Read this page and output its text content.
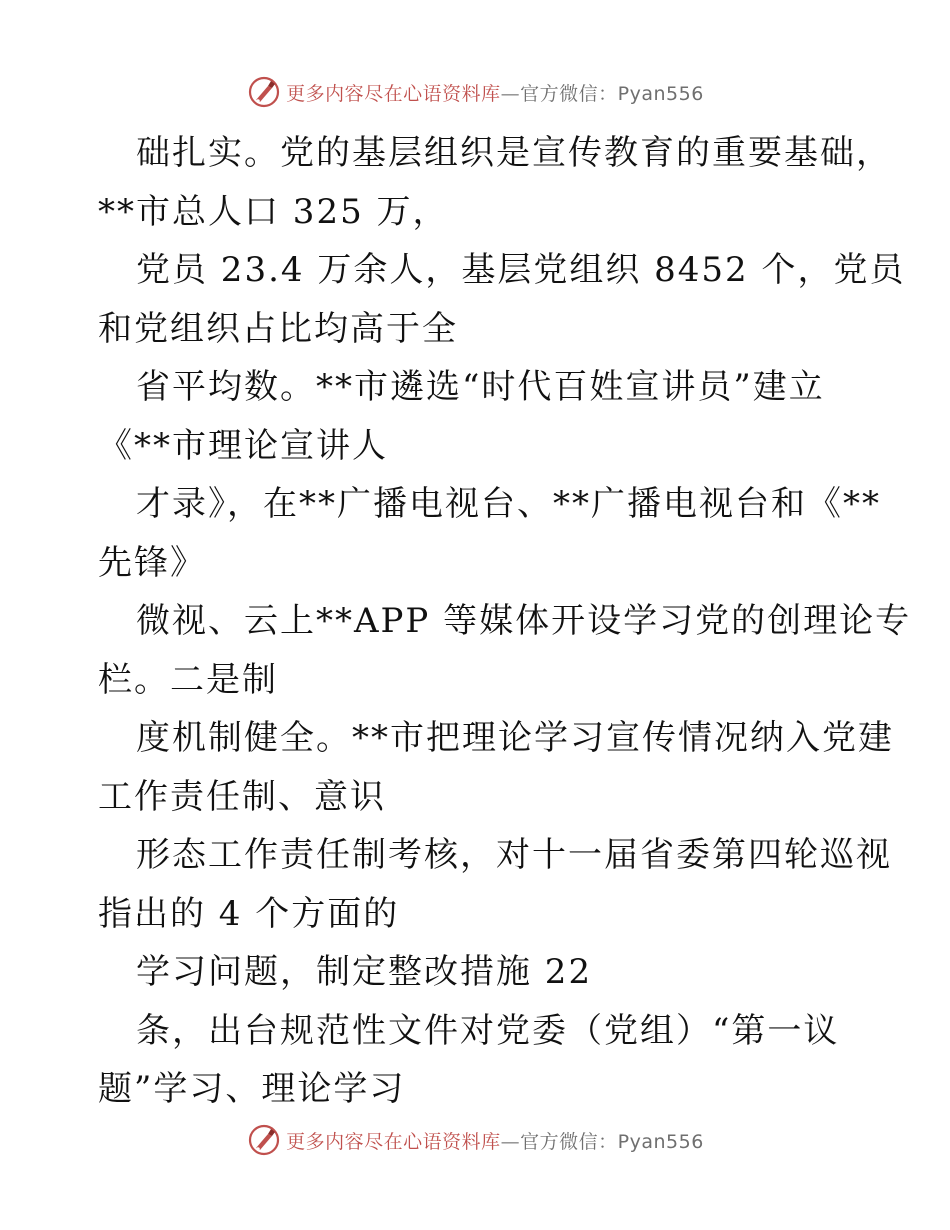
更多内容尽在心语资料库—官方微信：Pyan556
础扎实。党的基层组织是宣传教育的重要基础，
**市总人口 325 万，
党员 23.4 万余人，基层党组织 8452 个，党员
和党组织占比均高于全
省平均数。**市遴选“时代百姓宣讲员”建立
《**市理论宣讲人
才录》，在**广播电视台、**广播电视台和《**
先锋》
微视、云上**APP 等媒体开设学习党的创理论专
栏。二是制
度机制健全。**市把理论学习宣传情况纳入党建
工作责任制、意识
形态工作责任制考核，对十一届省委第四轮巡视
指出的 4 个方面的
学习问题，制定整改措施 22
条，出台规范性文件对党委（党组）“第一议
题”学习、理论学习
更多内容尽在心语资料库—官方微信：Pyan556
